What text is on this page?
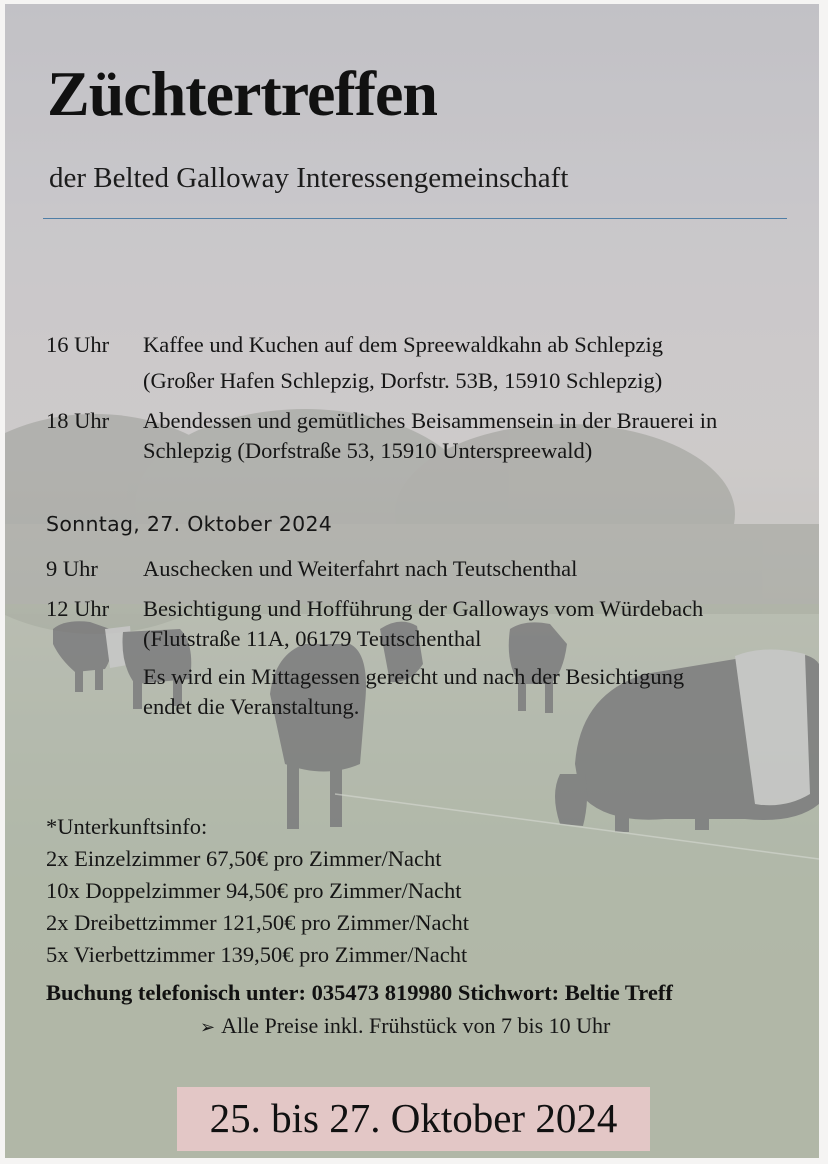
Züchtertreffen
der Belted Galloway Interessengemeinschaft
16 Uhr Kaffee und Kuchen auf dem Spreewaldkahn ab Schlepzig
(Großer Hafen Schlepzig, Dorfstr. 53B, 15910 Schlepzig)
18 Uhr Abendessen und gemütliches Beisammensein in der Brauerei in
Schlepzig (Dorfstraße 53, 15910 Unterspreewald)
Sonntag, 27. Oktober 2024
9 Uhr Auschecken und Weiterfahrt nach Teutschenthal
12 Uhr Besichtigung und Hofführung der Galloways vom Würdebach
(Flutstraße 11A, 06179 Teutschenthal
Es wird ein Mittagessen gereicht und nach der Besichtigung
endet die Veranstaltung.
*Unterkunftsinfo:
2x Einzelzimmer 67,50€ pro Zimmer/Nacht
10x Doppelzimmer 94,50€ pro Zimmer/Nacht
2x Dreibettzimmer 121,50€ pro Zimmer/Nacht
5x Vierbettzimmer 139,50€ pro Zimmer/Nacht
Buchung telefonisch unter: 035473 819980 Stichwort: Beltie Treff
➢ Alle Preise inkl. Frühstück von 7 bis 10 Uhr
25. bis 27. Oktober 2024
